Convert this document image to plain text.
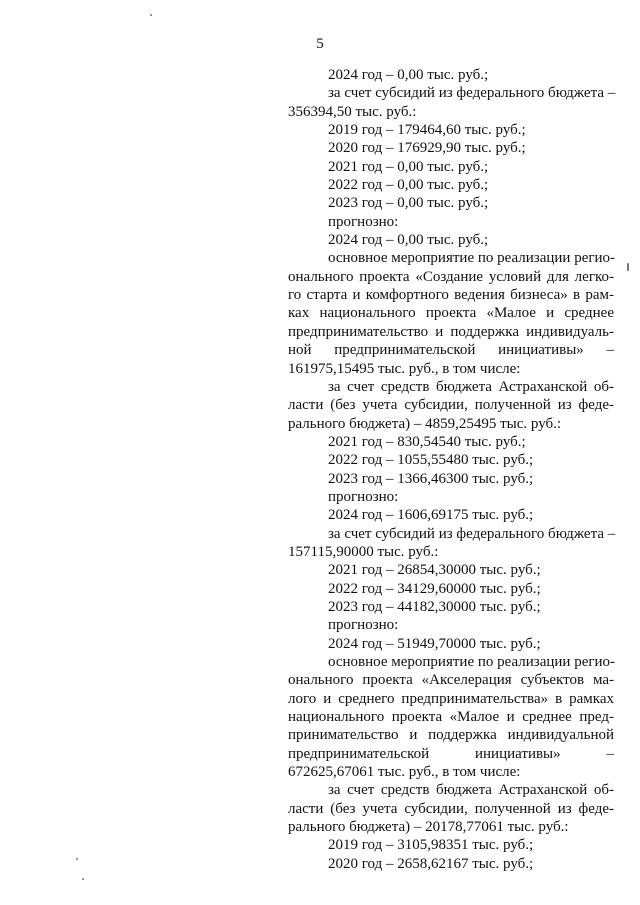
5
2024 год – 0,00 тыс. руб.;
за счет субсидий из федерального бюджета –
356394,50 тыс. руб.:
2019 год – 179464,60 тыс. руб.;
2020 год – 176929,90 тыс. руб.;
2021 год – 0,00 тыс. руб.;
2022 год – 0,00 тыс. руб.;
2023 год – 0,00 тыс. руб.;
прогнозно:
2024 год – 0,00 тыс. руб.;
основное мероприятие по реализации регио-
онального проекта «Создание условий для легко-
го старта и комфортного ведения бизнеса» в рам-
ках национального проекта «Малое и среднее
предпринимательство и поддержка индивидуаль-
ной предпринимательской инициативы» –
161975,15495 тыс. руб., в том числе:
за счет средств бюджета Астраханской об-
ласти (без учета субсидии, полученной из феде-
рального бюджета) – 4859,25495 тыс. руб.:
2021 год – 830,54540 тыс. руб.;
2022 год – 1055,55480 тыс. руб.;
2023 год – 1366,46300 тыс. руб.;
прогнозно:
2024 год – 1606,69175 тыс. руб.;
за счет субсидий из федерального бюджета –
157115,90000 тыс. руб.:
2021 год – 26854,30000 тыс. руб.;
2022 год – 34129,60000 тыс. руб.;
2023 год – 44182,30000 тыс. руб.;
прогнозно:
2024 год – 51949,70000 тыс. руб.;
основное мероприятие по реализации регио-
онального проекта «Акселерация субъектов ма-
лого и среднего предпринимательства» в рамках
национального проекта «Малое и среднее пред-
принимательство и поддержка индивидуальной
предпринимательской инициативы» –
672625,67061 тыс. руб., в том числе:
за счет средств бюджета Астраханской об-
ласти (без учета субсидии, полученной из феде-
рального бюджета) – 20178,77061 тыс. руб.:
2019 год – 3105,98351 тыс. руб.;
2020 год – 2658,62167 тыс. руб.;
